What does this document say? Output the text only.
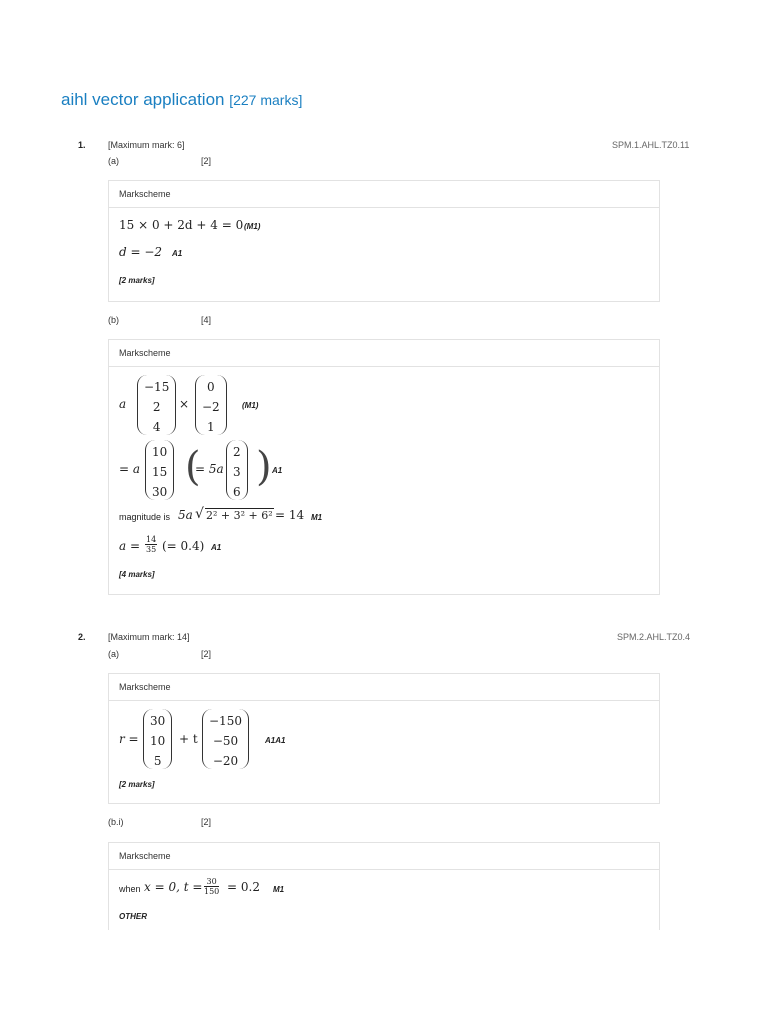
aihl vector application [227 marks]
1. [Maximum mark: 6]	SPM.1.AHL.TZ0.11
(a)	[2]
Markscheme
15 × 0 + 2d + 4 = 0 (M1)
d = −2 A1
[2 marks]
(b)	[4]
Markscheme
a
−15
2
4
×
0
−2
1
(M1)
= a
10
15
30
(
= 5a
2
3
6
) A1
magnitude is 5a √ 2² + 3² + 6² = 14 M1
$a = \frac{14}{35}$ (= 0.4) A1
[4 marks]
2. [Maximum mark: 14]	SPM.2.AHL.TZ0.4
(a)	[2]
Markscheme
r =
30
10
5
+ t
−150
−50
−20
A1A1
[2 marks]
(b.i)	[2]
Markscheme
when x = 0, $t = \frac{30}{150} = 0.2$ M1
OTHER
